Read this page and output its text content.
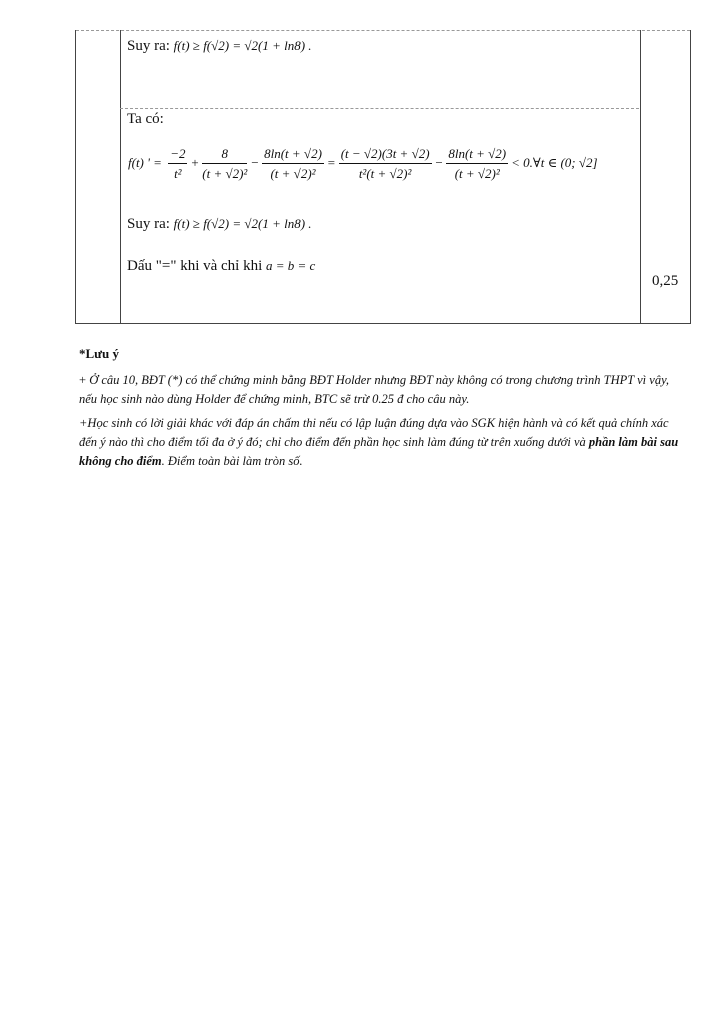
Suy ra: f(t) ≥ f(√2) = √2(1 + ln8) .
Ta có:
f(t) ' = $\frac{-2}{\text{t²}} + \frac{8}{\text{(t + √2)²}} - \frac{8\ln(t + √2)}{\text{(t + √2)²}} = \frac{(t - √2)(3t + √2)}{\text{t²(t + √2)²}} - \frac{8\ln(t + √2)}{\text{(t + √2)²}}$ < 0.∀t ∈ (0; √2]
Suy ra: f(t) ≥ f(√2) = √2(1 + ln8) .
Dấu "=" khi và chỉ khi a = b = c
0,25
*Lưu ý
+ Ở câu 10, BĐT (*) có thể chứng minh bằng BĐT Holder nhưng BĐT này không có trong chương trình THPT vì vậy, nếu học sinh nào dùng Holder để chứng minh, BTC sẽ trừ 0.25 đ cho câu này.
+Học sinh có lời giải khác với đáp án chấm thi nếu có lập luận đúng dựa vào SGK hiện hành và có kết quả chính xác đến ý nào thì cho điểm tối đa ở ý đó; chỉ cho điểm đến phần học sinh làm đúng từ trên xuống dưới và phần làm bài sau không cho điểm. Điểm toàn bài làm tròn số.
